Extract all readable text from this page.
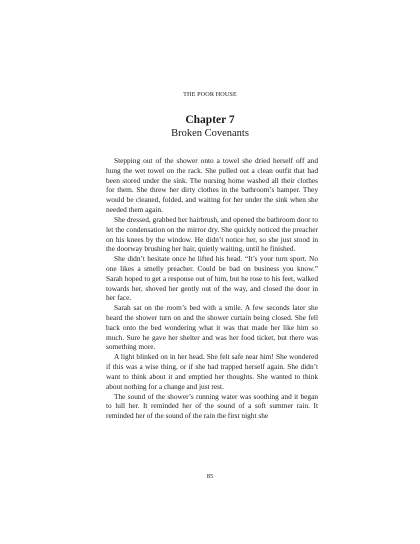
THE POOR HOUSE
Chapter 7
Broken Covenants

Stepping out of the shower onto a towel she dried herself off and hung the wet towel on the rack. She pulled out a clean outfit that had been stored under the sink. The nursing home washed all their clothes for them. She threw her dirty clothes in the bathroom’s hamper. They would be cleaned, folded, and waiting for her under the sink when she needed them again.

She dressed, grabbed her hairbrush, and opened the bathroom door to let the condensation on the mirror dry. She quickly noticed the preacher on his knees by the window. He didn’t notice her, so she just stood in the doorway brushing her hair, quietly waiting, until he finished.

She didn’t hesitate once he lifted his head. “It’s your turn sport. No one likes a smelly preacher. Could be bad on business you know.” Sarah hoped to get a response out of him, but he rose to his feet, walked towards her, shoved her gently out of the way, and closed the door in her face.

Sarah sat on the room’s bed with a smile. A few seconds later she heard the shower turn on and the shower curtain being closed. She fell back onto the bed wondering what it was that made her like him so much. Sure he gave her shelter and was her food ticket, but there was something more.

A light blinked on in her head. She felt safe near him! She wondered if this was a wise thing, or if she had trapped herself again. She didn’t want to think about it and emptied her thoughts. She wanted to think about nothing for a change and just rest.

The sound of the shower’s running water was soothing and it began to lull her. It reminded her of the sound of a soft summer rain. It reminded her of the sound of the rain the first night she

85
